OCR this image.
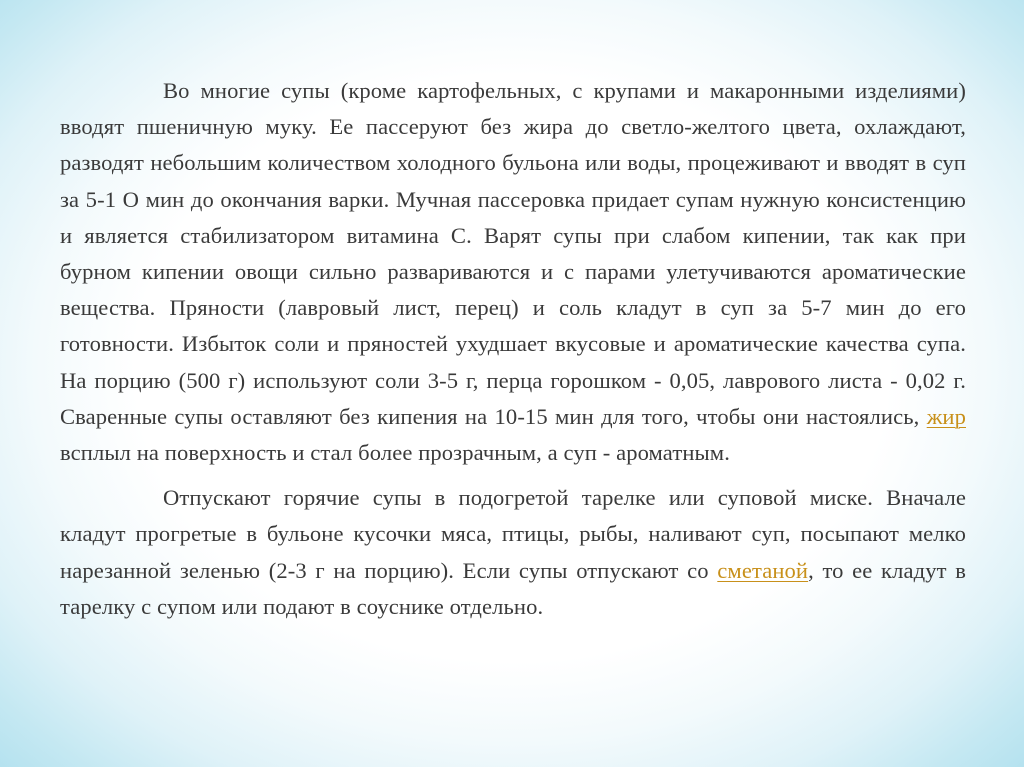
Во многие супы (кроме картофельных, с крупами и макаронными изделиями) вводят пшеничную муку. Ее пассеруют без жира до светло-желтого цвета, охлаждают, разводят небольшим количеством холодного бульона или воды, процеживают и вводят в суп за 5-1 О мин до окончания варки. Мучная пассеровка придает супам нужную консистенцию и является стабилизатором витамина С. Варят супы при слабом кипении, так как при бурном кипении овощи сильно развариваются и с парами улетучиваются ароматические вещества. Пряности (лавровый лист, перец) и соль кладут в суп за 5-7 мин до его готовности. Избыток соли и пряностей ухудшает вкусовые и ароматические качества супа. На порцию (500 г) используют соли 3-5 г, перца горошком - 0,05, лаврового листа - 0,02 г. Сваренные супы оставляют без кипения на 10-15 мин для того, чтобы они настоялись, жир всплыл на поверхность и стал более прозрачным, а суп - ароматным.

Отпускают горячие супы в подогретой тарелке или суповой миске. Вначале кладут прогретые в бульоне кусочки мяса, птицы, рыбы, наливают суп, посыпают мелко нарезанной зеленью (2-3 г на порцию). Если супы отпускают со сметаной, то ее кладут в тарелку с супом или подают в соуснике отдельно.
